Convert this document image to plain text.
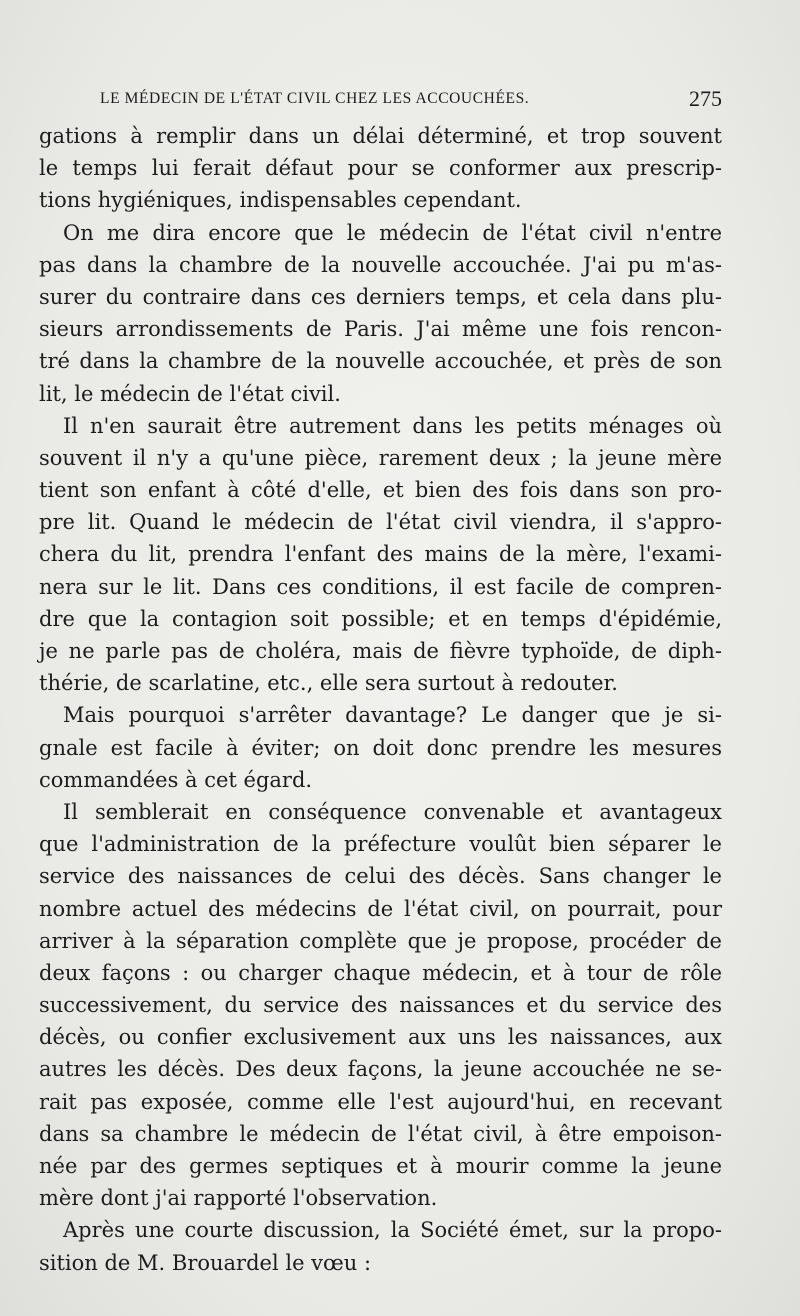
LE MÉDECIN DE L'ÉTAT CIVIL CHEZ LES ACCOUCHÉES.	275
gations à remplir dans un délai déterminé, et trop souvent
le temps lui ferait défaut pour se conformer aux prescrip-
tions hygiéniques, indispensables cependant.
On me dira encore que le médecin de l'état civil n'entre
pas dans la chambre de la nouvelle accouchée. J'ai pu m'as-
surer du contraire dans ces derniers temps, et cela dans plu-
sieurs arrondissements de Paris. J'ai même une fois rencon-
tré dans la chambre de la nouvelle accouchée, et près de son
lit, le médecin de l'état civil.
Il n'en saurait être autrement dans les petits ménages où
souvent il n'y a qu'une pièce, rarement deux ; la jeune mère
tient son enfant à côté d'elle, et bien des fois dans son pro-
pre lit. Quand le médecin de l'état civil viendra, il s'appro-
chera du lit, prendra l'enfant des mains de la mère, l'exami-
nera sur le lit. Dans ces conditions, il est facile de compren-
dre que la contagion soit possible; et en temps d'épidémie,
je ne parle pas de choléra, mais de fièvre typhoïde, de diph-
thérie, de scarlatine, etc., elle sera surtout à redouter.
Mais pourquoi s'arrêter davantage? Le danger que je si-
gnale est facile à éviter; on doit donc prendre les mesures
commandées à cet égard.
Il semblerait en conséquence convenable et avantageux
que l'administration de la préfecture voulût bien séparer le
service des naissances de celui des décès. Sans changer le
nombre actuel des médecins de l'état civil, on pourrait, pour
arriver à la séparation complète que je propose, procéder de
deux façons : ou charger chaque médecin, et à tour de rôle
successivement, du service des naissances et du service des
décès, ou confier exclusivement aux uns les naissances, aux
autres les décès. Des deux façons, la jeune accouchée ne se-
rait pas exposée, comme elle l'est aujourd'hui, en recevant
dans sa chambre le médecin de l'état civil, à être empoison-
née par des germes septiques et à mourir comme la jeune
mère dont j'ai rapporté l'observation.
Après une courte discussion, la Société émet, sur la propo-
sition de M. Brouardel le vœu :
